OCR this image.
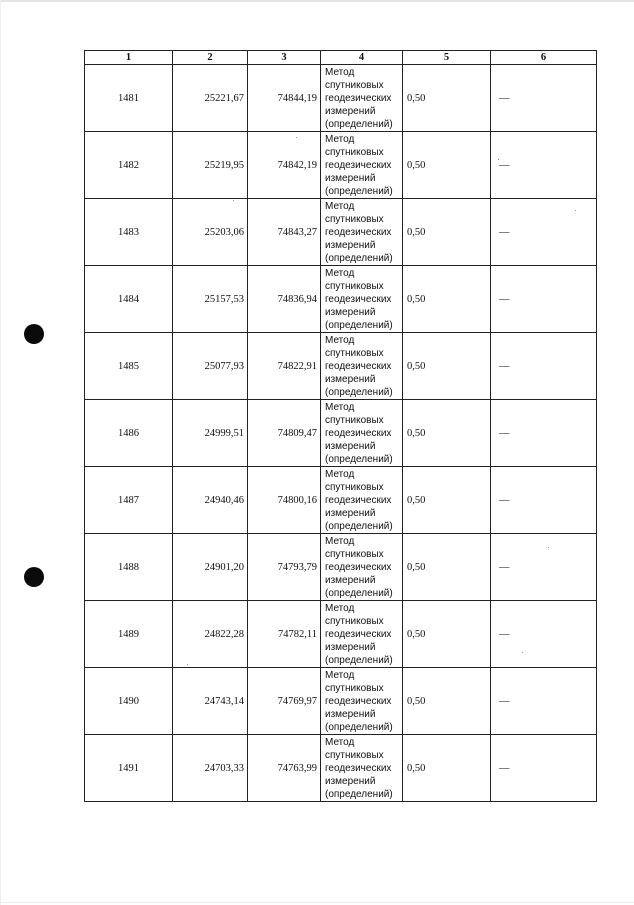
1	2	3	4	5	6
1481	25221,67	74844,19	Метод
спутниковых
геодезических
измерений
(определений)	0,50	—
1482	25219,95	74842,19	Метод
спутниковых
геодезических
измерений
(определений)	0,50	—
1483	25203,06	74843,27	Метод
спутниковых
геодезических
измерений
(определений)	0,50	—
1484	25157,53	74836,94	Метод
спутниковых
геодезических
измерений
(определений)	0,50	—
1485	25077,93	74822,91	Метод
спутниковых
геодезических
измерений
(определений)	0,50	—
1486	24999,51	74809,47	Метод
спутниковых
геодезических
измерений
(определений)	0,50	—
1487	24940,46	74800,16	Метод
спутниковых
геодезических
измерений
(определений)	0,50	—
1488	24901,20	74793,79	Метод
спутниковых
геодезических
измерений
(определений)	0,50	—
1489	24822,28	74782,11	Метод
спутниковых
геодезических
измерений
(определений)	0,50	—
1490	24743,14	74769,97	Метод
спутниковых
геодезических
измерений
(определений)	0,50	—
1491	24703,33	74763,99	Метод
спутниковых
геодезических
измерений
(определений)	0,50	—
